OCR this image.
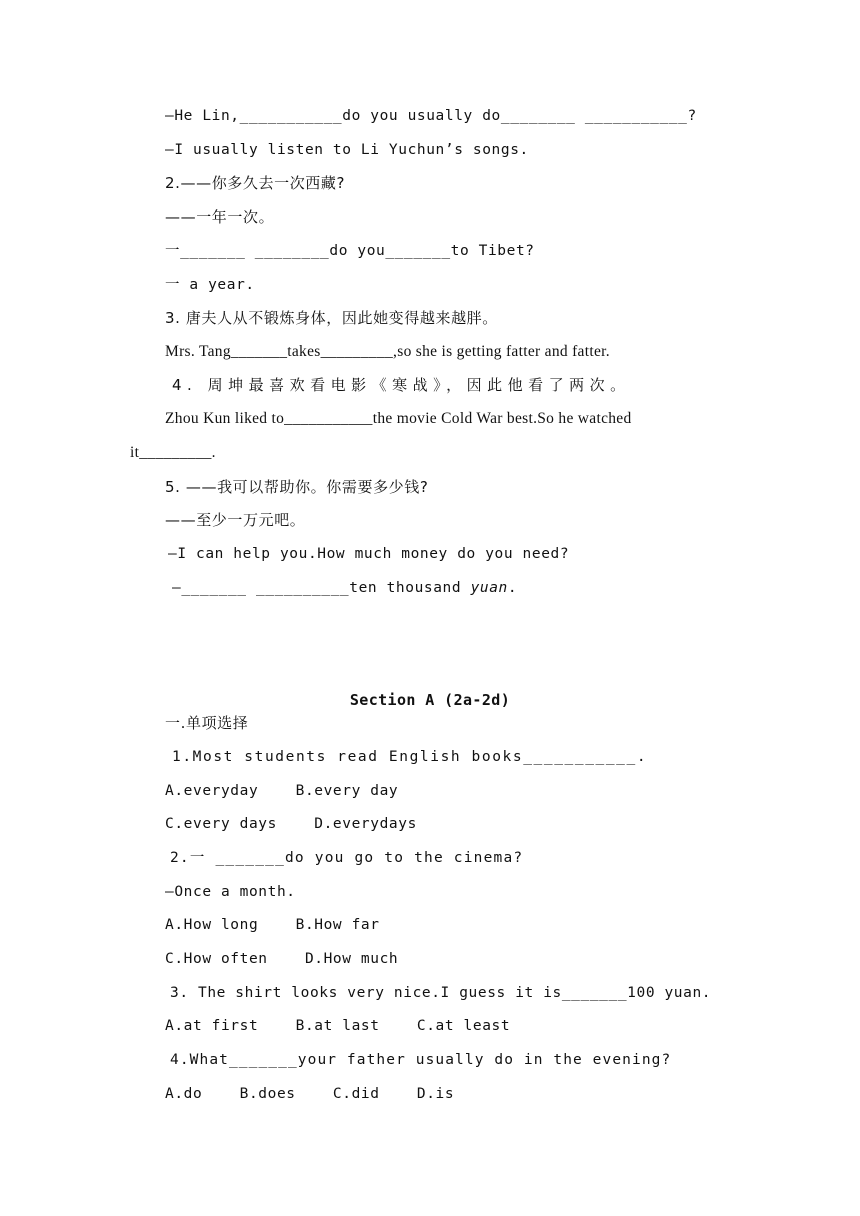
—He Lin,___________do you usually do________ ___________?
—I usually listen to Li Yuchun’s songs.
2.——你多久去一次西藏?
——一年一次。
一_______ ________do you_______to Tibet?
一 a year.
3. 唐夫人从不锻炼身体，因此她变得越来越胖。
Mrs. Tang_______takes_________,so she is getting fatter and fatter.
4. 周坤最喜欢看电影《寒战》，因此他看了两次。
Zhou Kun liked to___________the movie Cold War best.So he watched
it_________.
5. ——我可以帮助你。你需要多少钱?
——至少一万元吧。
—I can help you.How much money do you need?
—_______ __________ten thousand yuan.
Section A (2a-2d)
一.单项选择
1.Most students read English books___________.
A.everyday    B.every day
C.every days    D.everydays
2.一 _______do you go to the cinema?
—Once a month.
A.How long    B.How far
C.How often    D.How much
3. The shirt looks very nice.I guess it is_______100 yuan.
A.at first    B.at last    C.at least
4.What_______your father usually do in the evening?
A.do    B.does    C.did    D.is
